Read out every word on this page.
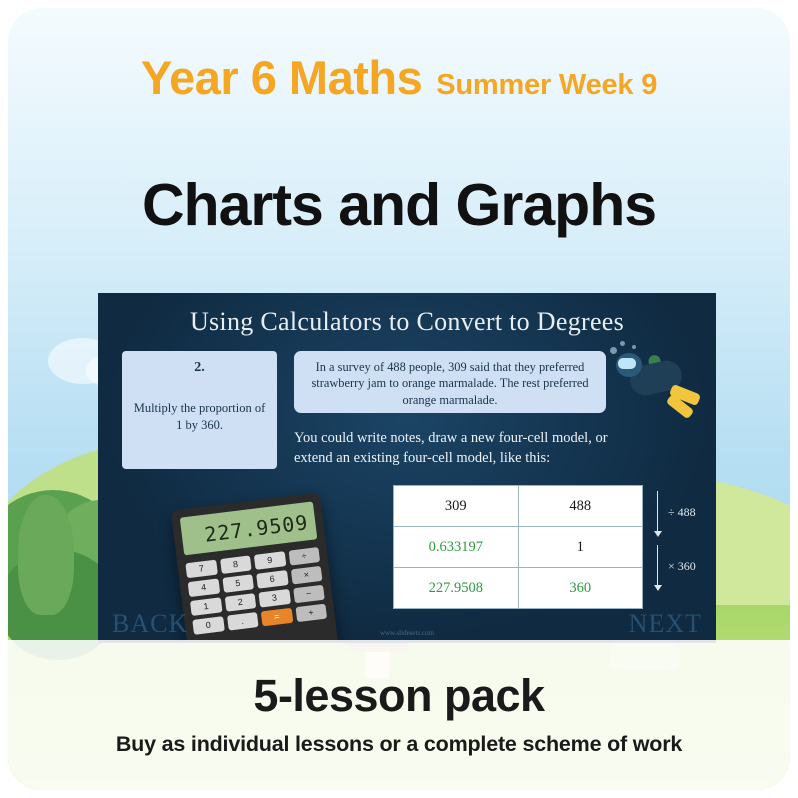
Year 6 Maths Summer Week 9
Charts and Graphs
Using Calculators to Convert to Degrees
2.
Multiply the proportion of 1 by 360.
In a survey of 488 people, 309 said that they preferred strawberry jam to orange marmalade. The rest preferred orange marmalade.
You could write notes, draw a new four-cell model, or extend an existing four-cell model, like this:
309	488
0.633197	1
227.9508	360
÷ 488
× 360
227.9509
7	8	9	÷
4	5	6	×
1	2	3	−
0	.	=	+
BACK	NEXT
www.slidesets.com
5-lesson pack
Buy as individual lessons or a complete scheme of work
